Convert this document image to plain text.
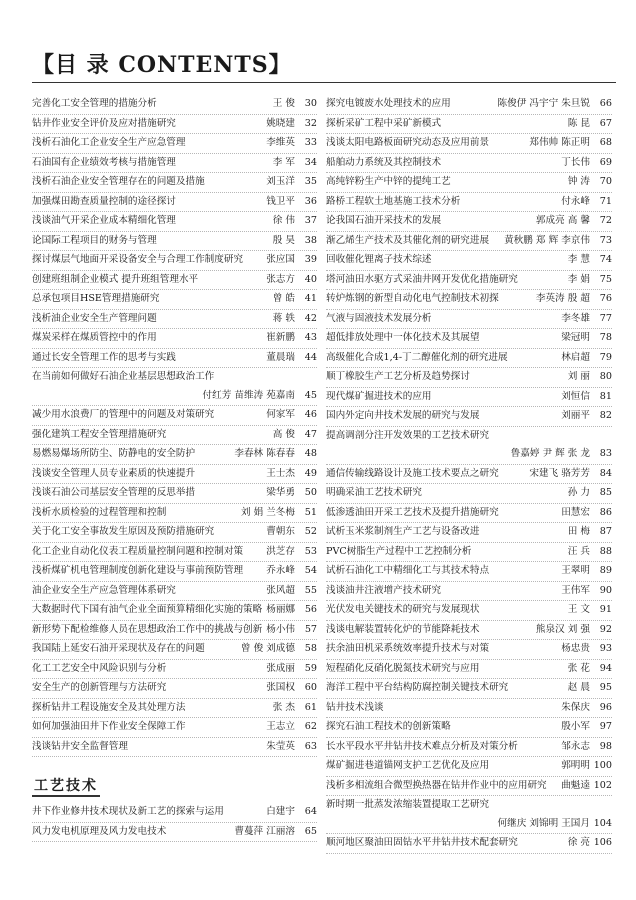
【目 录 CONTENTS】
完善化工安全管理的措施分析	王 俊	30
钻井作业安全评价及应对措施研究	姚晓建	32
浅析石油化工企业安全生产应急管理	李维英	33
石油国有企业绩效考核与措施管理	李 军	34
浅析石油企业安全管理存在的问题及措施	刘玉洋	35
加强煤田勘查质量控制的途径探讨	钱卫平	36
浅谈油气开采企业成本精细化管理	徐 伟	37
论国际工程项目的财务与管理	殷 昊	38
探讨煤层气地面开采设备安全与合理工作制度研究 张应国	39
创建班组制企业模式 提升班组管理水平	张志方	40
总承包项目HSE管理措施研究	曾 皓	41
浅析油企业安全生产管理问题	蒋 轶	42
煤炭采样在煤质管控中的作用	崔新鹏	43
通过长安全管理工作的思考与实践	董晨瑞	44
在当前如何做好石油企业基层思想政治工作
付红芳 苗维涛 苑嘉南	45
减少用水浪费厂的管理中的问题及对策研究	何家军	46
强化建筑工程安全管理措施研究	高 俊	47
易燃易爆场所防尘、防静电的安全防护	李春林 陈春春	48
浅谈安全管理人员专业素质的快速提升	王士杰	49
浅谈石油公司基层安全管理的反思举措	梁华勇	50
浅析水质检验的过程管理和控制	刘 娟 兰冬梅	51
关于化工安全事故发生原因及预防措施研究	曹朝东	52
化工企业自动化仪表工程质量控制问题和控制对策 洪芝存	53
浅析煤矿机电管理制度创新化建设与事前预防管理 乔永峰	54
油企业安全生产应急管理体系研究	张风超	55
大数据时代下国有油气企业全面预算精细化实施的策略 杨丽娜	56
新形势下配检维修人员在思想政治工作中的挑战与创新 杨小伟	57
我国陆上延安石油开采现状及存在的问题	曾 俊 刘成德	58
化工工艺安全中风险识别与分析	张成丽	59
安全生产的创新管理与方法研究	张国权	60
探析钻井工程设施安全及其处理方法	张 杰	61
如何加强油田井下作业安全保障工作	王志立	62
浅谈钻井安全监督管理	朱莹英	63
工艺技术
井下作业修井技术现状及新工艺的探索与运用	白建宇	64
风力发电机原理及风力发电技术	曹蔓萍 江丽溶	65
探究电镀废水处理技术的应用	陈俊伊 冯宇宁 朱旦锐	66
探析采矿工程中采矿新模式	陈 昆	67
浅谈太阳电路板面研究动态及应用前景	郑伟帅 陈正明	68
船舶动力系统及其控制技术	丁长伟	69
高纯锌粉生产中锌的提纯工艺	钟 涛	70
路桥工程软土地基施工技术分析	付永峰	71
论我国石油开采技术的发展	郭成亮 高 馨	72
渐乙烯生产技术及其催化剂的研究进展 黄秋鹏 郑 辉 李京伟	73
回收催化锂离子技术综述	李 慧	74
塔河油田水驱方式采油井网开发优化措施研究	李 娟	75
转炉炼钢的新型自动化电气控制技术初探	李英涛 殷 超	76
气液与固液技术发展分析	李冬雄	77
超低排放处理中一体化技术及其展望	梁冠明	78
高级催化合成1,4-丁二醇催化剂的研究进展	林启超	79
顺丁橡胶生产工艺分析及趋势探讨	刘 丽	80
现代煤矿掘进技术的应用	刘恒信	81
国内外定向井技术发展的研究与发展	刘丽平	82
提高调剖分注开发效果的工艺技术研究
鲁嘉婷 尹 辉 张 龙	83
通信传输线路设计及施工技术要点之研究	宋建飞 骆芳芳	84
明确采油工艺技术研究	孙 力	85
低渗透油田开采工艺技术及提升措施研究	田慧宏	86
试析玉米浆制剂生产工艺与设备改进	田 梅	87
PVC树脂生产过程中工艺控制分析	汪 兵	88
试析石油化工中精细化工与其技术特点	王翠明	89
浅谈油井注液增产技术研究	王伟军	90
光伏发电关键技术的研究与发展现状	王 文	91
浅谈电解装置转化炉的节能降耗技术	熊泉汉 刘 强	92
扶余油田机采系统效率提升技术与对策	杨忠贵	93
短程硝化反硝化脱氮技术研究与应用	张 花	94
海洋工程中平台结构防腐控制关键技术研究	赵 晨	95
钻井技术浅谈	朱保庆	96
探究石油工程技术的创新策略	殷小军	97
长水平段水平井钻井技术难点分析及对策分析	邹永志	98
煤矿掘进巷道锚网支护工艺优化及应用	郭明明 100
浅析多相流组合微型换热器在钻井作业中的应用研究 曲魁逵 102
新时期一批蒸发浓缩装置提取工艺研究
何继庆 刘锦明 王国月 104
顺河地区聚油田固钻水平井钻井技术配套研究	徐 亮 106
